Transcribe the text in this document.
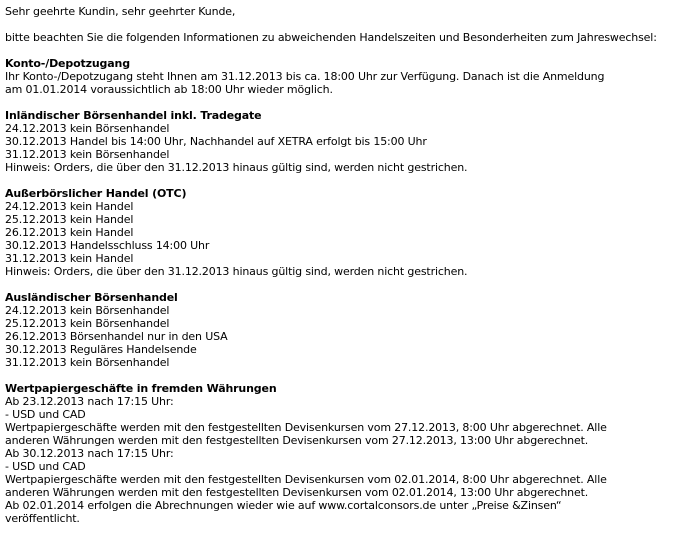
Sehr geehrte Kundin, sehr geehrter Kunde,
bitte beachten Sie die folgenden Informationen zu abweichenden Handelszeiten und Besonderheiten zum Jahreswechsel:
Konto-/Depotzugang
Ihr Konto-/Depotzugang steht Ihnen am 31.12.2013 bis ca. 18:00 Uhr zur Verfügung. Danach ist die Anmeldung
am 01.01.2014 voraussichtlich ab 18:00 Uhr wieder möglich.
Inländischer Börsenhandel inkl. Tradegate
24.12.2013 kein Börsenhandel
30.12.2013 Handel bis 14:00 Uhr, Nachhandel auf XETRA erfolgt bis 15:00 Uhr
31.12.2013 kein Börsenhandel
Hinweis: Orders, die über den 31.12.2013 hinaus gültig sind, werden nicht gestrichen.
Außerbörslicher Handel (OTC)
24.12.2013 kein Handel
25.12.2013 kein Handel
26.12.2013 kein Handel
30.12.2013 Handelsschluss 14:00 Uhr
31.12.2013 kein Handel
Hinweis: Orders, die über den 31.12.2013 hinaus gültig sind, werden nicht gestrichen.
Ausländischer Börsenhandel
24.12.2013 kein Börsenhandel
25.12.2013 kein Börsenhandel
26.12.2013 Börsenhandel nur in den USA
30.12.2013 Reguläres Handelsende
31.12.2013 kein Börsenhandel
Wertpapiergeschäfte in fremden Währungen
Ab 23.12.2013 nach 17:15 Uhr:
- USD und CAD
Wertpapiergeschäfte werden mit den festgestellten Devisenkursen vom 27.12.2013, 8:00 Uhr abgerechnet. Alle
anderen Währungen werden mit den festgestellten Devisenkursen vom 27.12.2013, 13:00 Uhr abgerechnet.
Ab 30.12.2013 nach 17:15 Uhr:
- USD und CAD
Wertpapiergeschäfte werden mit den festgestellten Devisenkursen vom 02.01.2014, 8:00 Uhr abgerechnet. Alle
anderen Währungen werden mit den festgestellten Devisenkursen vom 02.01.2014, 13:00 Uhr abgerechnet.
Ab 02.01.2014 erfolgen die Abrechnungen wieder wie auf www.cortalconsors.de unter „Preise &Zinsen“
veröffentlicht.
